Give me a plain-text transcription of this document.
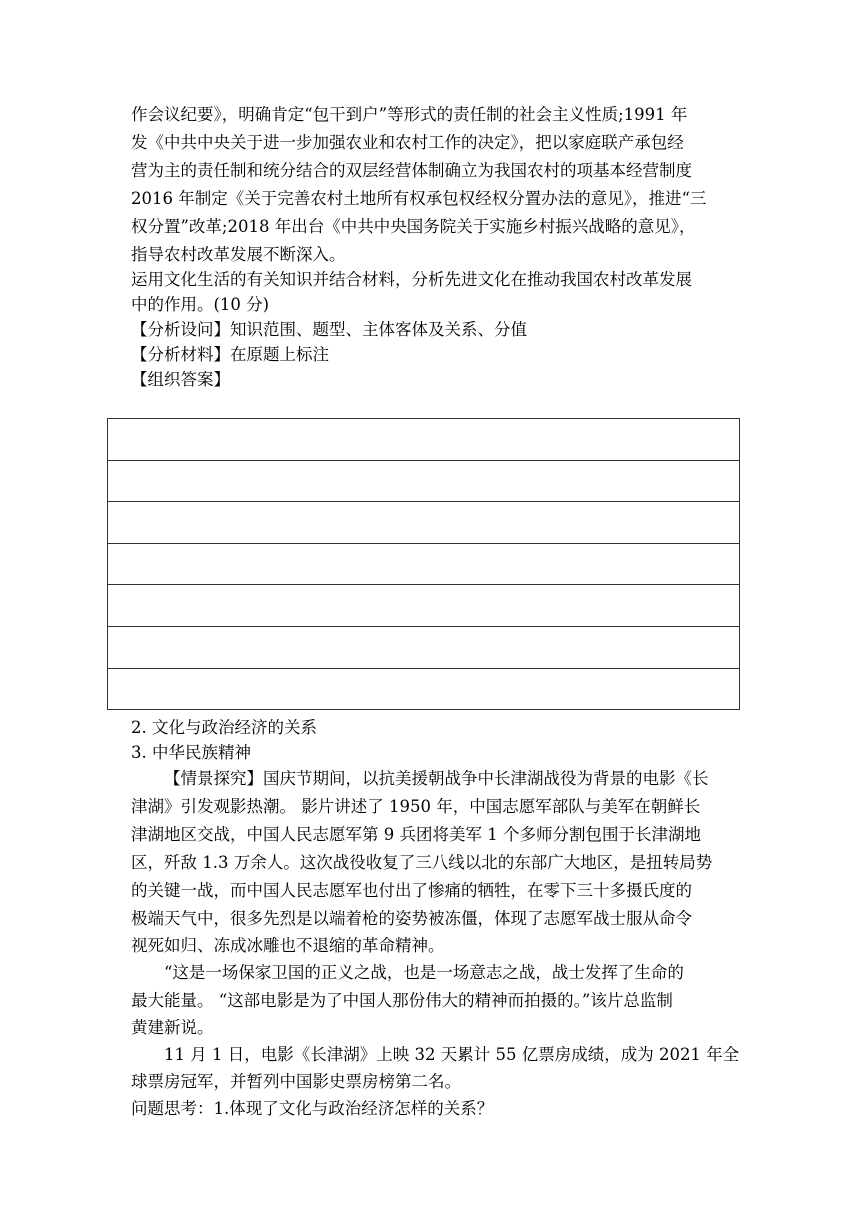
作会议纪要》，明确肯定“包干到户”等形式的责任制的社会主义性质;1991 年
发《中共中央关于进一步加强农业和农村工作的决定》，把以家庭联产承包经
营为主的责任制和统分结合的双层经营体制确立为我国农村的项基本经营制度
2016 年制定《关于完善农村土地所有权承包权经权分置办法的意见》，推进“三
权分置”改革;2018 年出台《中共中央国务院关于实施乡村振兴战略的意见》，
指导农村改革发展不断深入。
运用文化生活的有关知识并结合材料，分析先进文化在推动我国农村改革发展
中的作用。(10 分)
【分析设问】知识范围、题型、主体客体及关系、分值
【分析材料】在原题上标注
【组织答案】
2. 文化与政治经济的关系
3. 中华民族精神
【情景探究】国庆节期间，以抗美援朝战争中长津湖战役为背景的电影《长
津湖》引发观影热潮。 影片讲述了 1950 年，中国志愿军部队与美军在朝鲜长
津湖地区交战，中国人民志愿军第 9 兵团将美军 1 个多师分割包围于长津湖地
区，歼敌 1.3 万余人。这次战役收复了三八线以北的东部广大地区，是扭转局势
的关键一战，而中国人民志愿军也付出了惨痛的牺牲，在零下三十多摄氏度的
极端天气中，很多先烈是以端着枪的姿势被冻僵，体现了志愿军战士服从命令
视死如归、冻成冰雕也不退缩的革命精神。
“这是一场保家卫国的正义之战，也是一场意志之战，战士发挥了生命的
最大能量。 “这部电影是为了中国人那份伟大的精神而拍摄的。”该片总监制
黄建新说。
11 月 1 日，电影《长津湖》上映 32 天累计 55 亿票房成绩，成为 2021 年全
球票房冠军，并暂列中国影史票房榜第二名。
问题思考：1.体现了文化与政治经济怎样的关系？
